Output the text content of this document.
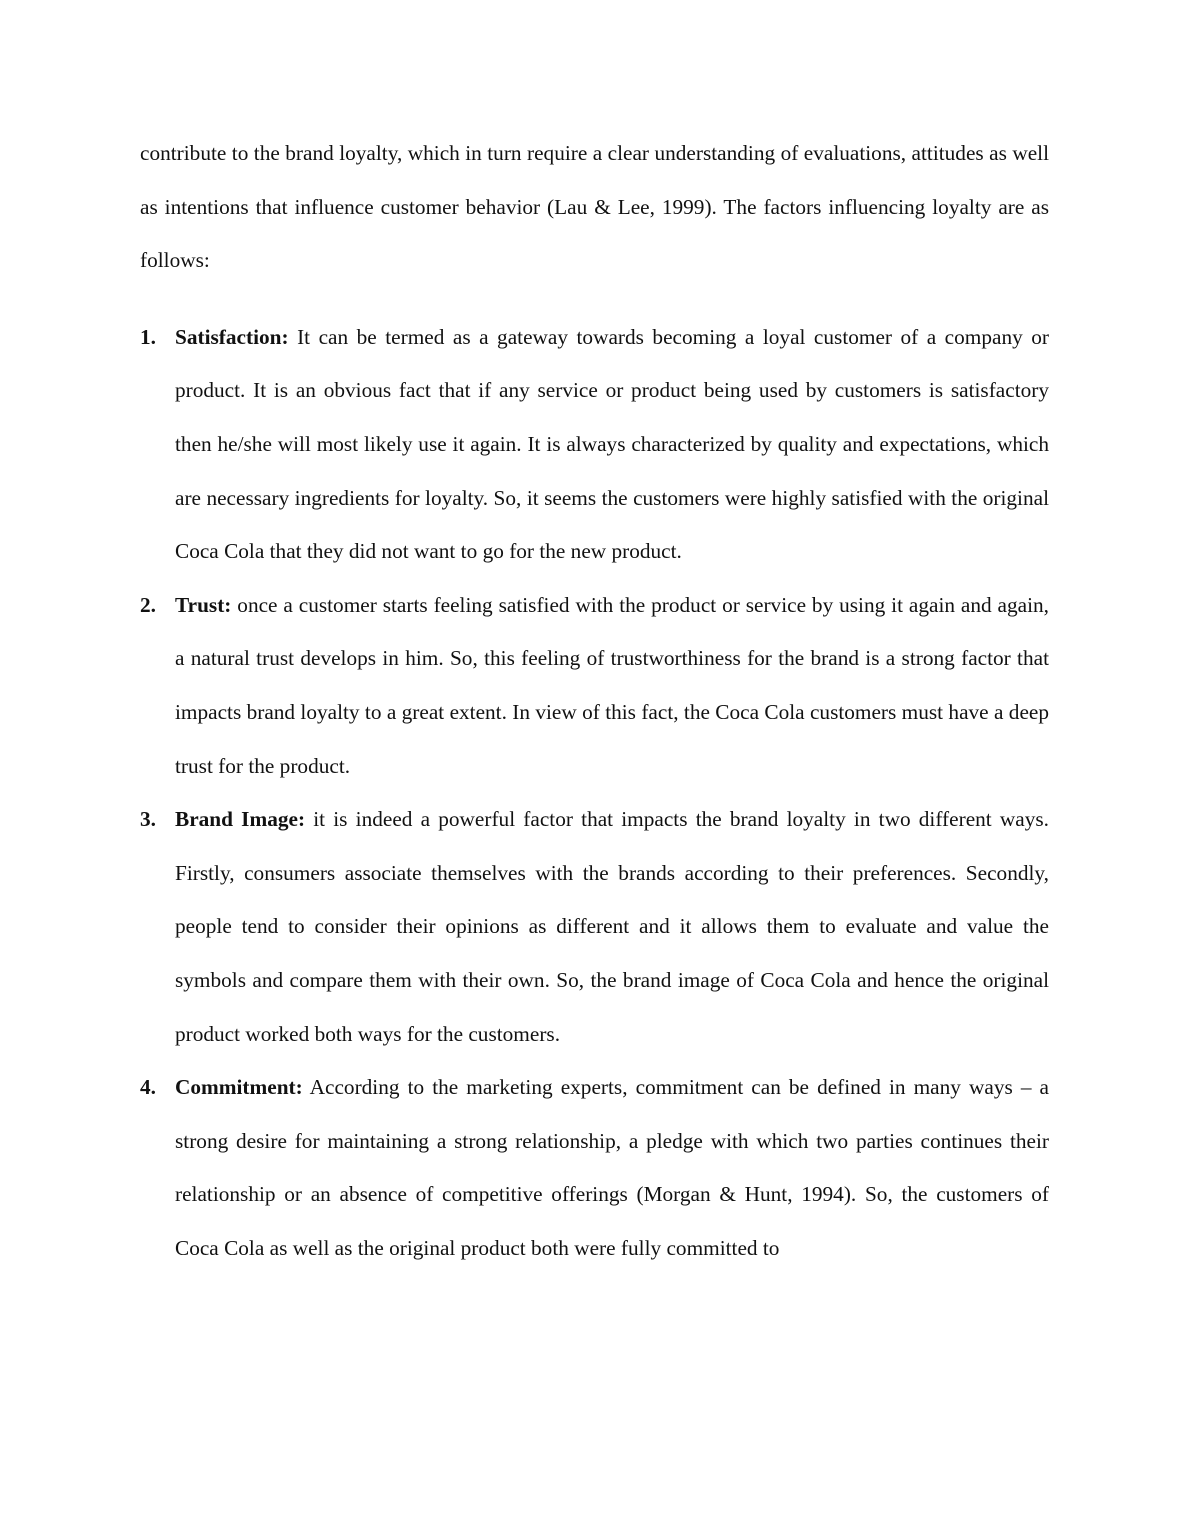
contribute to the brand loyalty, which in turn require a clear understanding of evaluations, attitudes as well as intentions that influence customer behavior (Lau & Lee, 1999). The factors influencing loyalty are as follows:

1. Satisfaction: It can be termed as a gateway towards becoming a loyal customer of a company or product. It is an obvious fact that if any service or product being used by customers is satisfactory then he/she will most likely use it again. It is always characterized by quality and expectations, which are necessary ingredients for loyalty. So, it seems the customers were highly satisfied with the original Coca Cola that they did not want to go for the new product.
2. Trust: once a customer starts feeling satisfied with the product or service by using it again and again, a natural trust develops in him. So, this feeling of trustworthiness for the brand is a strong factor that impacts brand loyalty to a great extent. In view of this fact, the Coca Cola customers must have a deep trust for the product.
3. Brand Image: it is indeed a powerful factor that impacts the brand loyalty in two different ways. Firstly, consumers associate themselves with the brands according to their preferences. Secondly, people tend to consider their opinions as different and it allows them to evaluate and value the symbols and compare them with their own. So, the brand image of Coca Cola and hence the original product worked both ways for the customers.
4. Commitment: According to the marketing experts, commitment can be defined in many ways – a strong desire for maintaining a strong relationship, a pledge with which two parties continues their relationship or an absence of competitive offerings (Morgan & Hunt, 1994). So, the customers of Coca Cola as well as the original product both were fully committed to
